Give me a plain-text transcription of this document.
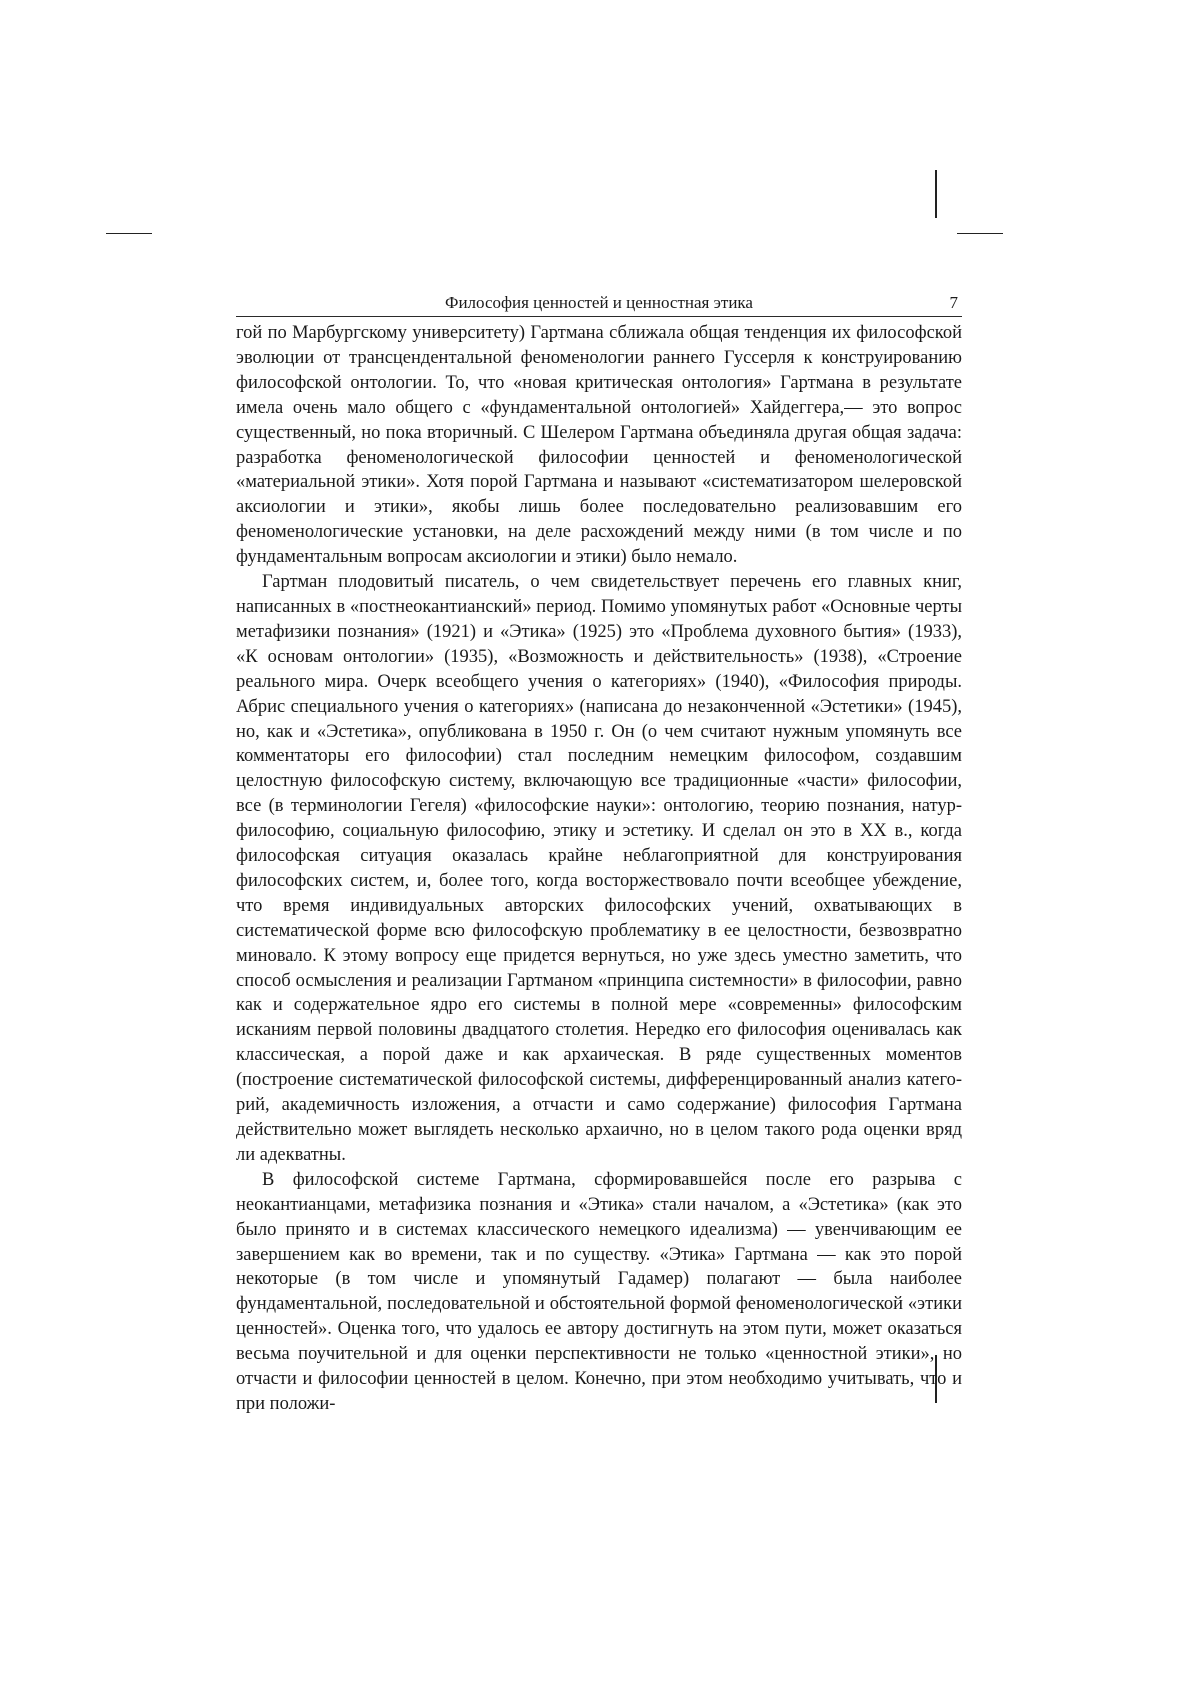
Философия ценностей и ценностная этика	7

гой по Марбургскому университету) Гартмана сближала общая тенденция их философской эволюции от трансцендентальной феноменологии раннего Гуссерля к конструированию философской онтологии. То, что «новая критическая онтология» Гартмана в результате имела очень мало общего с «фундаментальной онтологией» Хайдеггера,— это вопрос существенный, но пока вторичный. С Шелером Гартмана объединяла другая общая задача: разработка феноменологической философии ценностей и феноменологической «материальной этики». Хотя порой Гартмана и называют «систематизатором шелеровской аксиологии и этики», якобы лишь более последовательно реализовавшим его феноменологические установки, на деле расхождений между ними (в том числе и по фундаментальным вопросам аксиологии и этики) было немало.

Гартман плодовитый писатель, о чем свидетельствует перечень его главных книг, написанных в «постнеокантианский» период. Помимо упомянутых работ «Основные черты метафизики познания» (1921) и «Этика» (1925) это «Проблема духовного бытия» (1933), «К основам онтологии» (1935), «Возможность и действительность» (1938), «Строение реального мира. Очерк всеобщего учения о категориях» (1940), «Философия природы. Абрис специального учения о категориях» (написана до незаконченной «Эстетики» (1945), но, как и «Эстетика», опубликована в 1950 г. Он (о чем считают нужным упомянуть все комментаторы его философии) стал последним немецким философом, создавшим целостную философскую систему, включающую все традиционные «части» философии, все (в терминологии Гегеля) «философские науки»: онтологию, теорию познания, натурфилософию, социальную философию, этику и эстетику. И сделал он это в XX в., когда философская ситуация оказалась крайне неблагоприятной для конструирования философских систем, и, более того, когда восторжествовало почти всеобщее убеждение, что время индивидуальных авторских философских учений, охватывающих в систематической форме всю философскую проблематику в ее целостности, безвозвратно миновало. К этому вопросу еще придется вернуться, но уже здесь уместно заметить, что способ осмысления и реализации Гартманом «принципа системности» в философии, равно как и содержательное ядро его системы в полной мере «современны» философским исканиям первой половины двадцатого столетия. Нередко его философия оценивалась как классическая, а порой даже и как архаическая. В ряде существенных моментов (построение систематической философской системы, дифференцированный анализ категорий, академичность изложения, а отчасти и само содержание) философия Гартмана действительно может выглядеть несколько архаично, но в целом такого рода оценки вряд ли адекватны.

В философской системе Гартмана, сформировавшейся после его разрыва с неокантианцами, метафизика познания и «Этика» стали началом, а «Эстетика» (как это было принято и в системах классического немецкого идеализма) — увенчивающим ее завершением как во времени, так и по существу. «Этика» Гартмана — как это порой некоторые (в том числе и упомянутый Гадамер) полагают — была наиболее фундаментальной, последовательной и обстоятельной формой феноменологической «этики ценностей». Оценка того, что удалось ее автору достигнуть на этом пути, может оказаться весьма поучительной и для оценки перспективности не только «ценностной этики», но отчасти и философии ценностей в целом. Конечно, при этом необходимо учитывать, что и при положи-
